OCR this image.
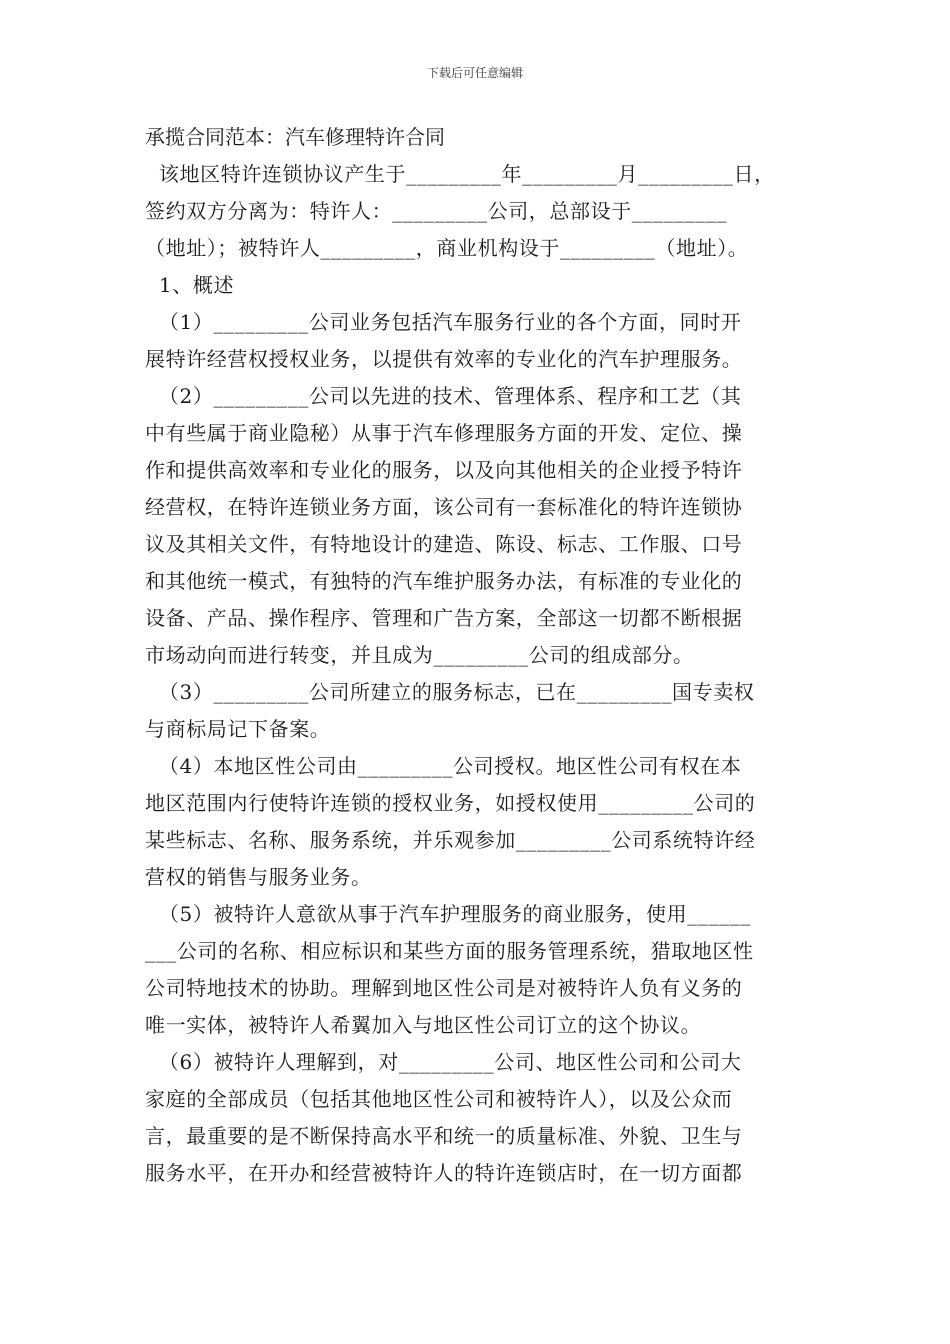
下载后可任意编辑
承揽合同范本：汽车修理特许合同
该地区特许连锁协议产生于_________年_________月_________日，
签约双方分离为：特许人：_________公司，总部设于_________
（地址）；被特许人_________，商业机构设于_________（地址）。
1、概述
（1）_________公司业务包括汽车服务行业的各个方面，同时开
展特许经营权授权业务，以提供有效率的专业化的汽车护理服务。
（2）_________公司以先进的技术、管理体系、程序和工艺（其
中有些属于商业隐秘）从事于汽车修理服务方面的开发、定位、操
作和提供高效率和专业化的服务，以及向其他相关的企业授予特许
经营权，在特许连锁业务方面，该公司有一套标准化的特许连锁协
议及其相关文件，有特地设计的建造、陈设、标志、工作服、口号
和其他统一模式，有独特的汽车维护服务办法，有标准的专业化的
设备、产品、操作程序、管理和广告方案，全部这一切都不断根据
市场动向而进行转变，并且成为_________公司的组成部分。
（3）_________公司所建立的服务标志，已在_________国专卖权
与商标局记下备案。
（4）本地区性公司由_________公司授权。地区性公司有权在本
地区范围内行使特许连锁的授权业务，如授权使用_________公司的
某些标志、名称、服务系统，并乐观参加_________公司系统特许经
营权的销售与服务业务。
（5）被特许人意欲从事于汽车护理服务的商业服务，使用______
___公司的名称、相应标识和某些方面的服务管理系统，猎取地区性
公司特地技术的协助。理解到地区性公司是对被特许人负有义务的
唯一实体，被特许人希翼加入与地区性公司订立的这个协议。
（6）被特许人理解到，对_________公司、地区性公司和公司大
家庭的全部成员（包括其他地区性公司和被特许人），以及公众而
言，最重要的是不断保持高水平和统一的质量标准、外貌、卫生与
服务水平，在开办和经营被特许人的特许连锁店时，在一切方面都
